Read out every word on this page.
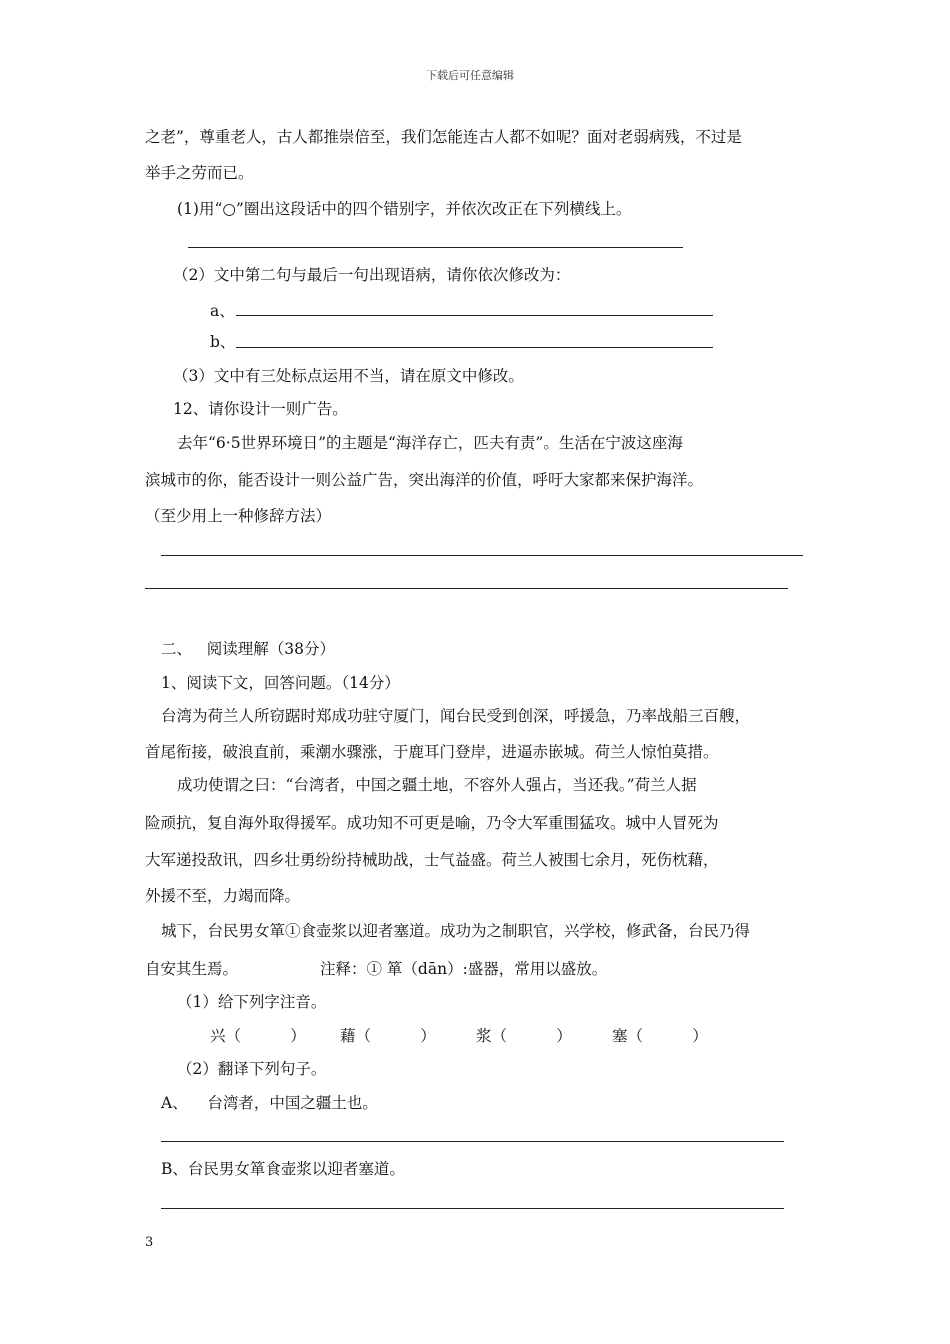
下载后可任意编辑
之老”，尊重老人，古人都推崇倍至，我们怎能连古人都不如呢？面对老弱病残，不过是
举手之劳而已。
(1)用“○”圈出这段话中的四个错别字，并依次改正在下列横线上。
（2）文中第二句与最后一句出现语病，请你依次修改为：
a、
b、
（3）文中有三处标点运用不当，请在原文中修改。
12、请你设计一则广告。
去年“6·5世界环境日”的主题是“海洋存亡，匹夫有责”。生活在宁波这座海
滨城市的你，能否设计一则公益广告，突出海洋的价值，呼吁大家都来保护海洋。
（至少用上一种修辞方法）
二、   阅读理解（38分）
1、阅读下文，回答问题。（14分）
台湾为荷兰人所窃踞时郑成功驻守厦门，闻台民受到创深，呼援急，乃率战船三百艘，
首尾衔接，破浪直前，乘潮水骤涨，于鹿耳门登岸，进逼赤嵌城。荷兰人惊怕莫措。
成功使谓之曰：“台湾者，中国之疆土地，不容外人强占，当还我。”荷兰人据
险顽抗，复自海外取得援军。成功知不可更是喻，乃令大军重围猛攻。城中人冒死为
大军递投敌讯，四乡壮勇纷纷持械助战，士气益盛。荷兰人被围七余月，死伤枕藉，
外援不至，力竭而降。
城下，台民男女箪①食壶浆以迎者塞道。成功为之制职官，兴学校，修武备，台民乃得
自安其生焉。	注释：① 箪（dān）:盛器，常用以盛放。
（1）给下列字注音。
兴（          ） 藉（          ）	浆（          ）	塞（          ）
（2）翻译下列句子。
A、    台湾者，中国之疆土也。
B、台民男女箪食壶浆以迎者塞道。
3
